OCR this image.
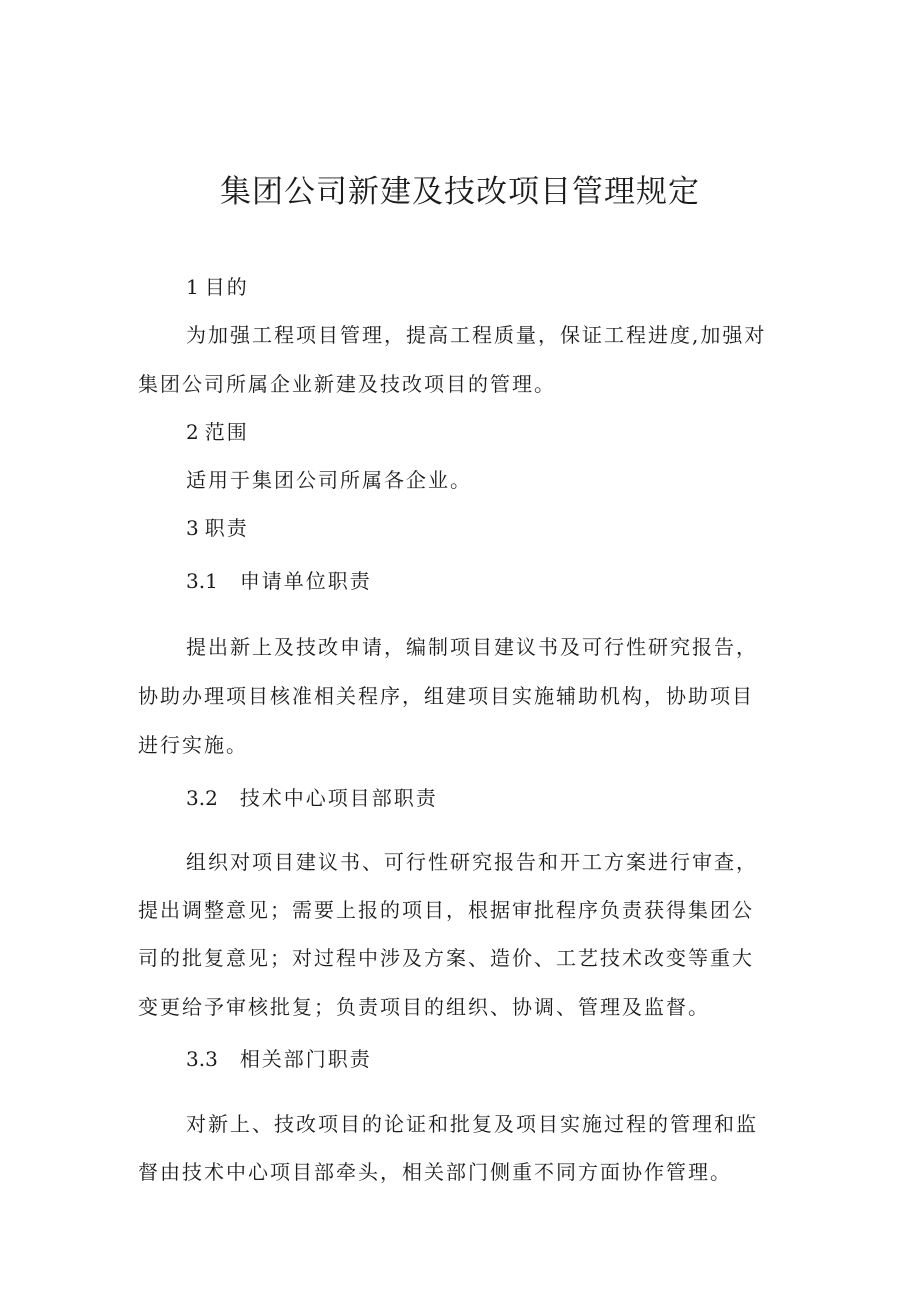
集团公司新建及技改项目管理规定

1 目的

为加强工程项目管理，提高工程质量，保证工程进度,加强对

集团公司所属企业新建及技改项目的管理。

2 范围

适用于集团公司所属各企业。

3 职责

3.1 申请单位职责

提出新上及技改申请，编制项目建议书及可行性研究报告，

协助办理项目核准相关程序，组建项目实施辅助机构，协助项目

进行实施。

3.2 技术中心项目部职责

组织对项目建议书、可行性研究报告和开工方案进行审查，

提出调整意见；需要上报的项目，根据审批程序负责获得集团公

司的批复意见；对过程中涉及方案、造价、工艺技术改变等重大

变更给予审核批复；负责项目的组织、协调、管理及监督。

3.3 相关部门职责

对新上、技改项目的论证和批复及项目实施过程的管理和监

督由技术中心项目部牵头，相关部门侧重不同方面协作管理。
